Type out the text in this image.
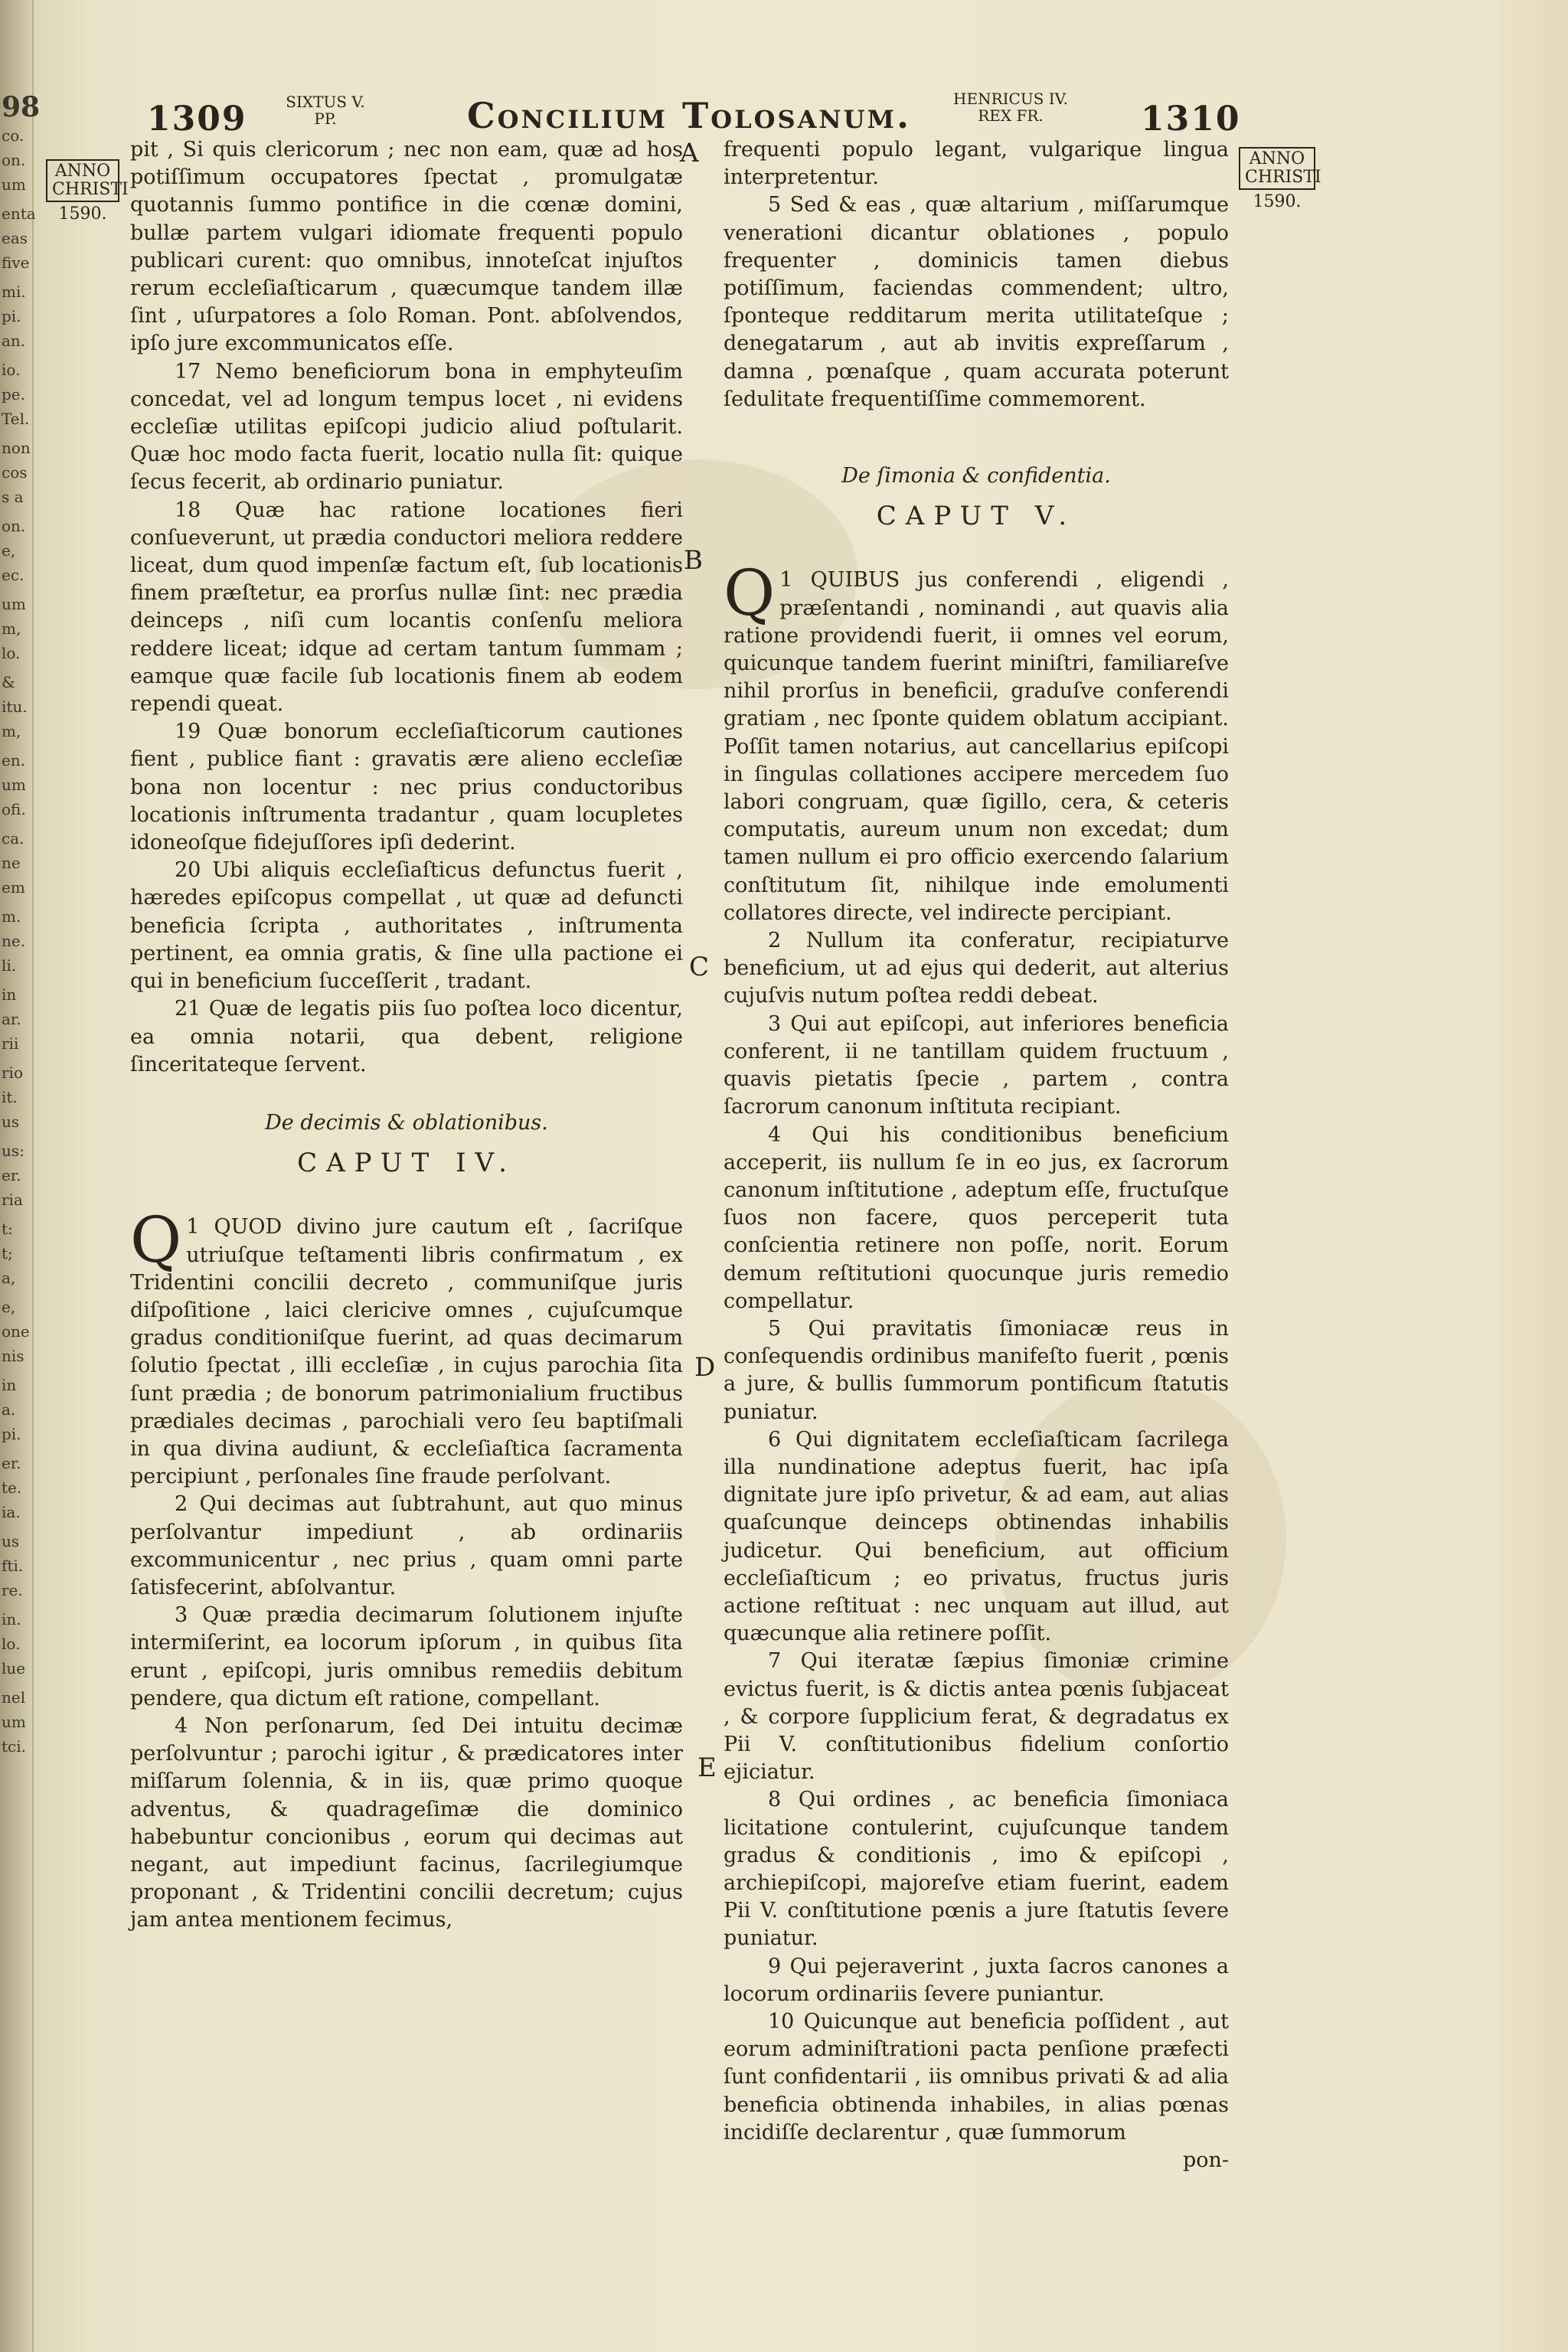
98
co.
on.
um
enta
eas
five
mi.
pi.
an.
io.
pe.
Tel.
non
cos
s a
on.
e,
ec.
um
m,
lo.
&
itu.
m,
en.
um
ofi.
ca.
ne
em
m.
ne.
li.
in
ar.
rii
rio
it.
us
us:
er.
ria
t:
t;
a,
e,
one
nis
in
a.
pi.
er.
te.
ia.
us
fti.
re.
in.
lo.
lue
nel
um
tci.
1309	SIXTUS V.
PP.	Concilium Tolosanum.	HENRICUS IV.
REX FR.	1310
ANNO
CHRISTI
1590.
ANNO
CHRISTI
1590.
A
B
C
D
E

pit , Si quis clericorum ; nec non eam, quæ ad hos potiſſimum occupatores ſpectat , promulgatæ quotannis ſummo pontifice in die cœnæ domini, bullæ partem vulgari idiomate frequenti populo publicari curent: quo omnibus, innoteſcat injuſtos rerum eccleſiaſticarum , quæcumque tandem illæ ſint , uſurpatores a ſolo Roman. Pont. abſolvendos, ipſo jure excommunicatos eſſe.

17 Nemo beneficiorum bona in emphyteuſim concedat, vel ad longum tempus locet , ni evidens eccleſiæ utilitas epiſcopi judicio aliud poſtularit. Quæ hoc modo facta fuerit, locatio nulla ſit: quique ſecus fecerit, ab ordinario puniatur.

18 Quæ hac ratione locationes fieri conſueverunt, ut prædia conductori meliora reddere liceat, dum quod impenſæ factum eſt, ſub locationis finem præſtetur, ea prorſus nullæ ſint: nec prædia deinceps , niſi cum locantis conſenſu meliora reddere liceat; idque ad certam tantum ſummam ; eamque quæ facile ſub locationis finem ab eodem rependi queat.

19 Quæ bonorum eccleſiaſticorum cautiones fient , publice fiant : gravatis ære alieno eccleſiæ bona non locentur : nec prius conductoribus locationis inſtrumenta tradantur , quam locupletes idoneoſque fidejuſſores ipſi dederint.

20 Ubi aliquis eccleſiaſticus defunctus fuerit , hæredes epiſcopus compellat , ut quæ ad defuncti beneficia ſcripta , authoritates , inſtrumenta pertinent, ea omnia gratis, & ſine ulla pactione ei qui in beneficium ſucceſſerit , tradant.

21 Quæ de legatis piis ſuo poſtea loco dicentur, ea omnia notarii, qua debent, religione ſinceritateque ſervent.

De decimis & oblationibus.
CAPUT IV.

Q 1 QUOD divino jure cautum eſt , ſacriſque utriuſque teſtamenti libris confirmatum , ex Tridentini concilii decreto , communiſque juris diſpoſitione , laici clericive omnes , cujuſcumque gradus conditioniſque fuerint, ad quas decimarum ſolutio ſpectat , illi eccleſiæ , in cujus parochia ſita ſunt prædia ; de bonorum patrimonialium fructibus prædiales decimas , parochiali vero ſeu baptiſmali in qua divina audiunt, & eccleſiaſtica ſacramenta percipiunt , perſonales ſine fraude perſolvant.

2 Qui decimas aut ſubtrahunt, aut quo minus perſolvantur impediunt , ab ordinariis excommunicentur , nec prius , quam omni parte ſatisfecerint, abſolvantur.

3 Quæ prædia decimarum ſolutionem injuſte intermiſerint, ea locorum ipſorum , in quibus ſita erunt , epiſcopi, juris omnibus remediis debitum pendere, qua dictum eſt ratione, compellant.

4 Non perſonarum, ſed Dei intuitu decimæ perſolvuntur ; parochi igitur , & prædicatores inter miſſarum ſolennia, & in iis, quæ primo quoque adventus, & quadrageſimæ die dominico habebuntur concionibus , eorum qui decimas aut negant, aut impediunt facinus, ſacrilegiumque proponant , & Tridentini concilii decretum; cujus jam antea mentionem fecimus,

frequenti populo legant, vulgarique lingua interpretentur.

5 Sed & eas , quæ altarium , miſſarumque venerationi dicantur oblationes , populo frequenter , dominicis tamen diebus potiſſimum, faciendas commendent; ultro, ſponteque redditarum merita utilitateſque ; denegatarum , aut ab invitis expreſſarum , damna , pœnaſque , quam accurata poterunt ſedulitate frequentiſſime commemorent.

De ſimonia & confidentia.
CAPUT V.

Q 1 QUIBUS jus conferendi , eligendi , præſentandi , nominandi , aut quavis alia ratione providendi fuerit, ii omnes vel eorum, quicunque tandem fuerint miniſtri, familiareſve nihil prorſus in beneficii, graduſve conferendi gratiam , nec ſponte quidem oblatum accipiant. Poſſit tamen notarius, aut cancellarius epiſcopi in ſingulas collationes accipere mercedem ſuo labori congruam, quæ ſigillo, cera, & ceteris computatis, aureum unum non excedat; dum tamen nullum ei pro officio exercendo ſalarium conſtitutum ſit, nihilque inde emolumenti collatores directe, vel indirecte percipiant.

2 Nullum ita conferatur, recipiaturve beneficium, ut ad ejus qui dederit, aut alterius cujuſvis nutum poſtea reddi debeat.

3 Qui aut epiſcopi, aut inferiores beneficia conferent, ii ne tantillam quidem fructuum , quavis pietatis ſpecie , partem , contra ſacrorum canonum inſtituta recipiant.

4 Qui his conditionibus beneficium acceperit, iis nullum ſe in eo jus, ex ſacrorum canonum inſtitutione , adeptum eſſe, fructuſque ſuos non facere, quos perceperit tuta conſcientia retinere non poſſe, norit. Eorum demum reſtitutioni quocunque juris remedio compellatur.

5 Qui pravitatis ſimoniacæ reus in conſequendis ordinibus manifeſto fuerit , pœnis a jure, & bullis ſummorum pontificum ſtatutis puniatur.

6 Qui dignitatem eccleſiaſticam ſacrilega illa nundinatione adeptus fuerit, hac ipſa dignitate jure ipſo privetur, & ad eam, aut alias quaſcunque deinceps obtinendas inhabilis judicetur. Qui beneficium, aut officium eccleſiaſticum ; eo privatus, fructus juris actione reſtituat : nec unquam aut illud, aut quæcunque alia retinere poſſit.

7 Qui iteratæ ſæpius ſimoniæ crimine evictus fuerit, is & dictis antea pœnis ſubjaceat , & corpore ſupplicium ferat, & degradatus ex Pii V. conſtitutionibus fidelium conſortio ejiciatur.

8 Qui ordines , ac beneficia ſimoniaca licitatione contulerint, cujuſcunque tandem gradus & conditionis , imo & epiſcopi , archiepiſcopi, majoreſve etiam fuerint, eadem Pii V. conſtitutione pœnis a jure ſtatutis ſevere puniatur.

9 Qui pejeraverint , juxta ſacros canones a locorum ordinariis ſevere puniantur.

10 Quicunque aut beneficia poſſident , aut eorum adminiſtrationi pacta penſione præfecti ſunt confidentarii , iis omnibus privati & ad alia beneficia obtinenda inhabiles, in alias pœnas incidiſſe declarentur , quæ ſummorum

pon-
